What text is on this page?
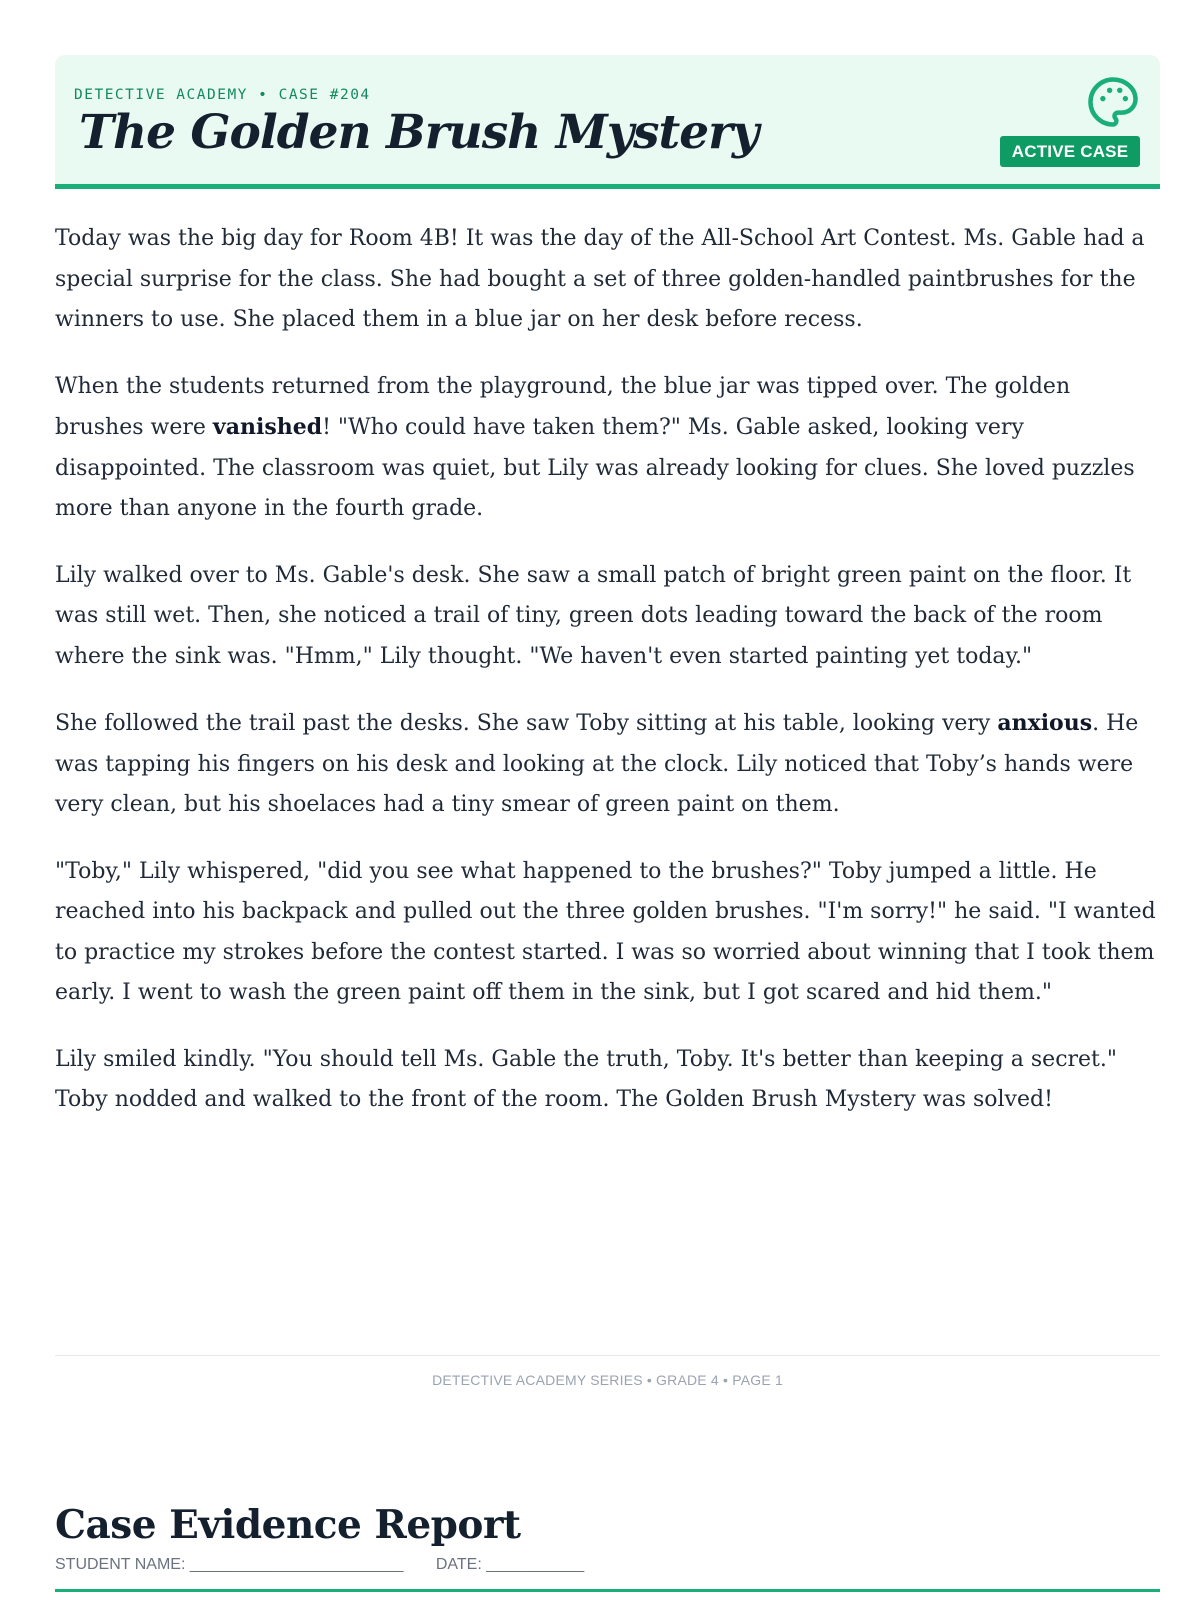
DETECTIVE ACADEMY • CASE #204
The Golden Brush Mystery	ACTIVE CASE

Today was the big day for Room 4B! It was the day of the All-School Art Contest. Ms. Gable had a special surprise for the class. She had bought a set of three golden-handled paintbrushes for the winners to use. She placed them in a blue jar on her desk before recess.

When the students returned from the playground, the blue jar was tipped over. The golden brushes were vanished! "Who could have taken them?" Ms. Gable asked, looking very disappointed. The classroom was quiet, but Lily was already looking for clues. She loved puzzles more than anyone in the fourth grade.

Lily walked over to Ms. Gable's desk. She saw a small patch of bright green paint on the floor. It was still wet. Then, she noticed a trail of tiny, green dots leading toward the back of the room where the sink was. "Hmm," Lily thought. "We haven't even started painting yet today."

She followed the trail past the desks. She saw Toby sitting at his table, looking very anxious. He was tapping his fingers on his desk and looking at the clock. Lily noticed that Toby’s hands were very clean, but his shoelaces had a tiny smear of green paint on them.

"Toby," Lily whispered, "did you see what happened to the brushes?" Toby jumped a little. He reached into his backpack and pulled out the three golden brushes. "I'm sorry!" he said. "I wanted to practice my strokes before the contest started. I was so worried about winning that I took them early. I went to wash the green paint off them in the sink, but I got scared and hid them."

Lily smiled kindly. "You should tell Ms. Gable the truth, Toby. It's better than keeping a secret." Toby nodded and walked to the front of the room. The Golden Brush Mystery was solved!

DETECTIVE ACADEMY SERIES • GRADE 4 • PAGE 1
Case Evidence Report
STUDENT NAME: ________________________ DATE: ___________
